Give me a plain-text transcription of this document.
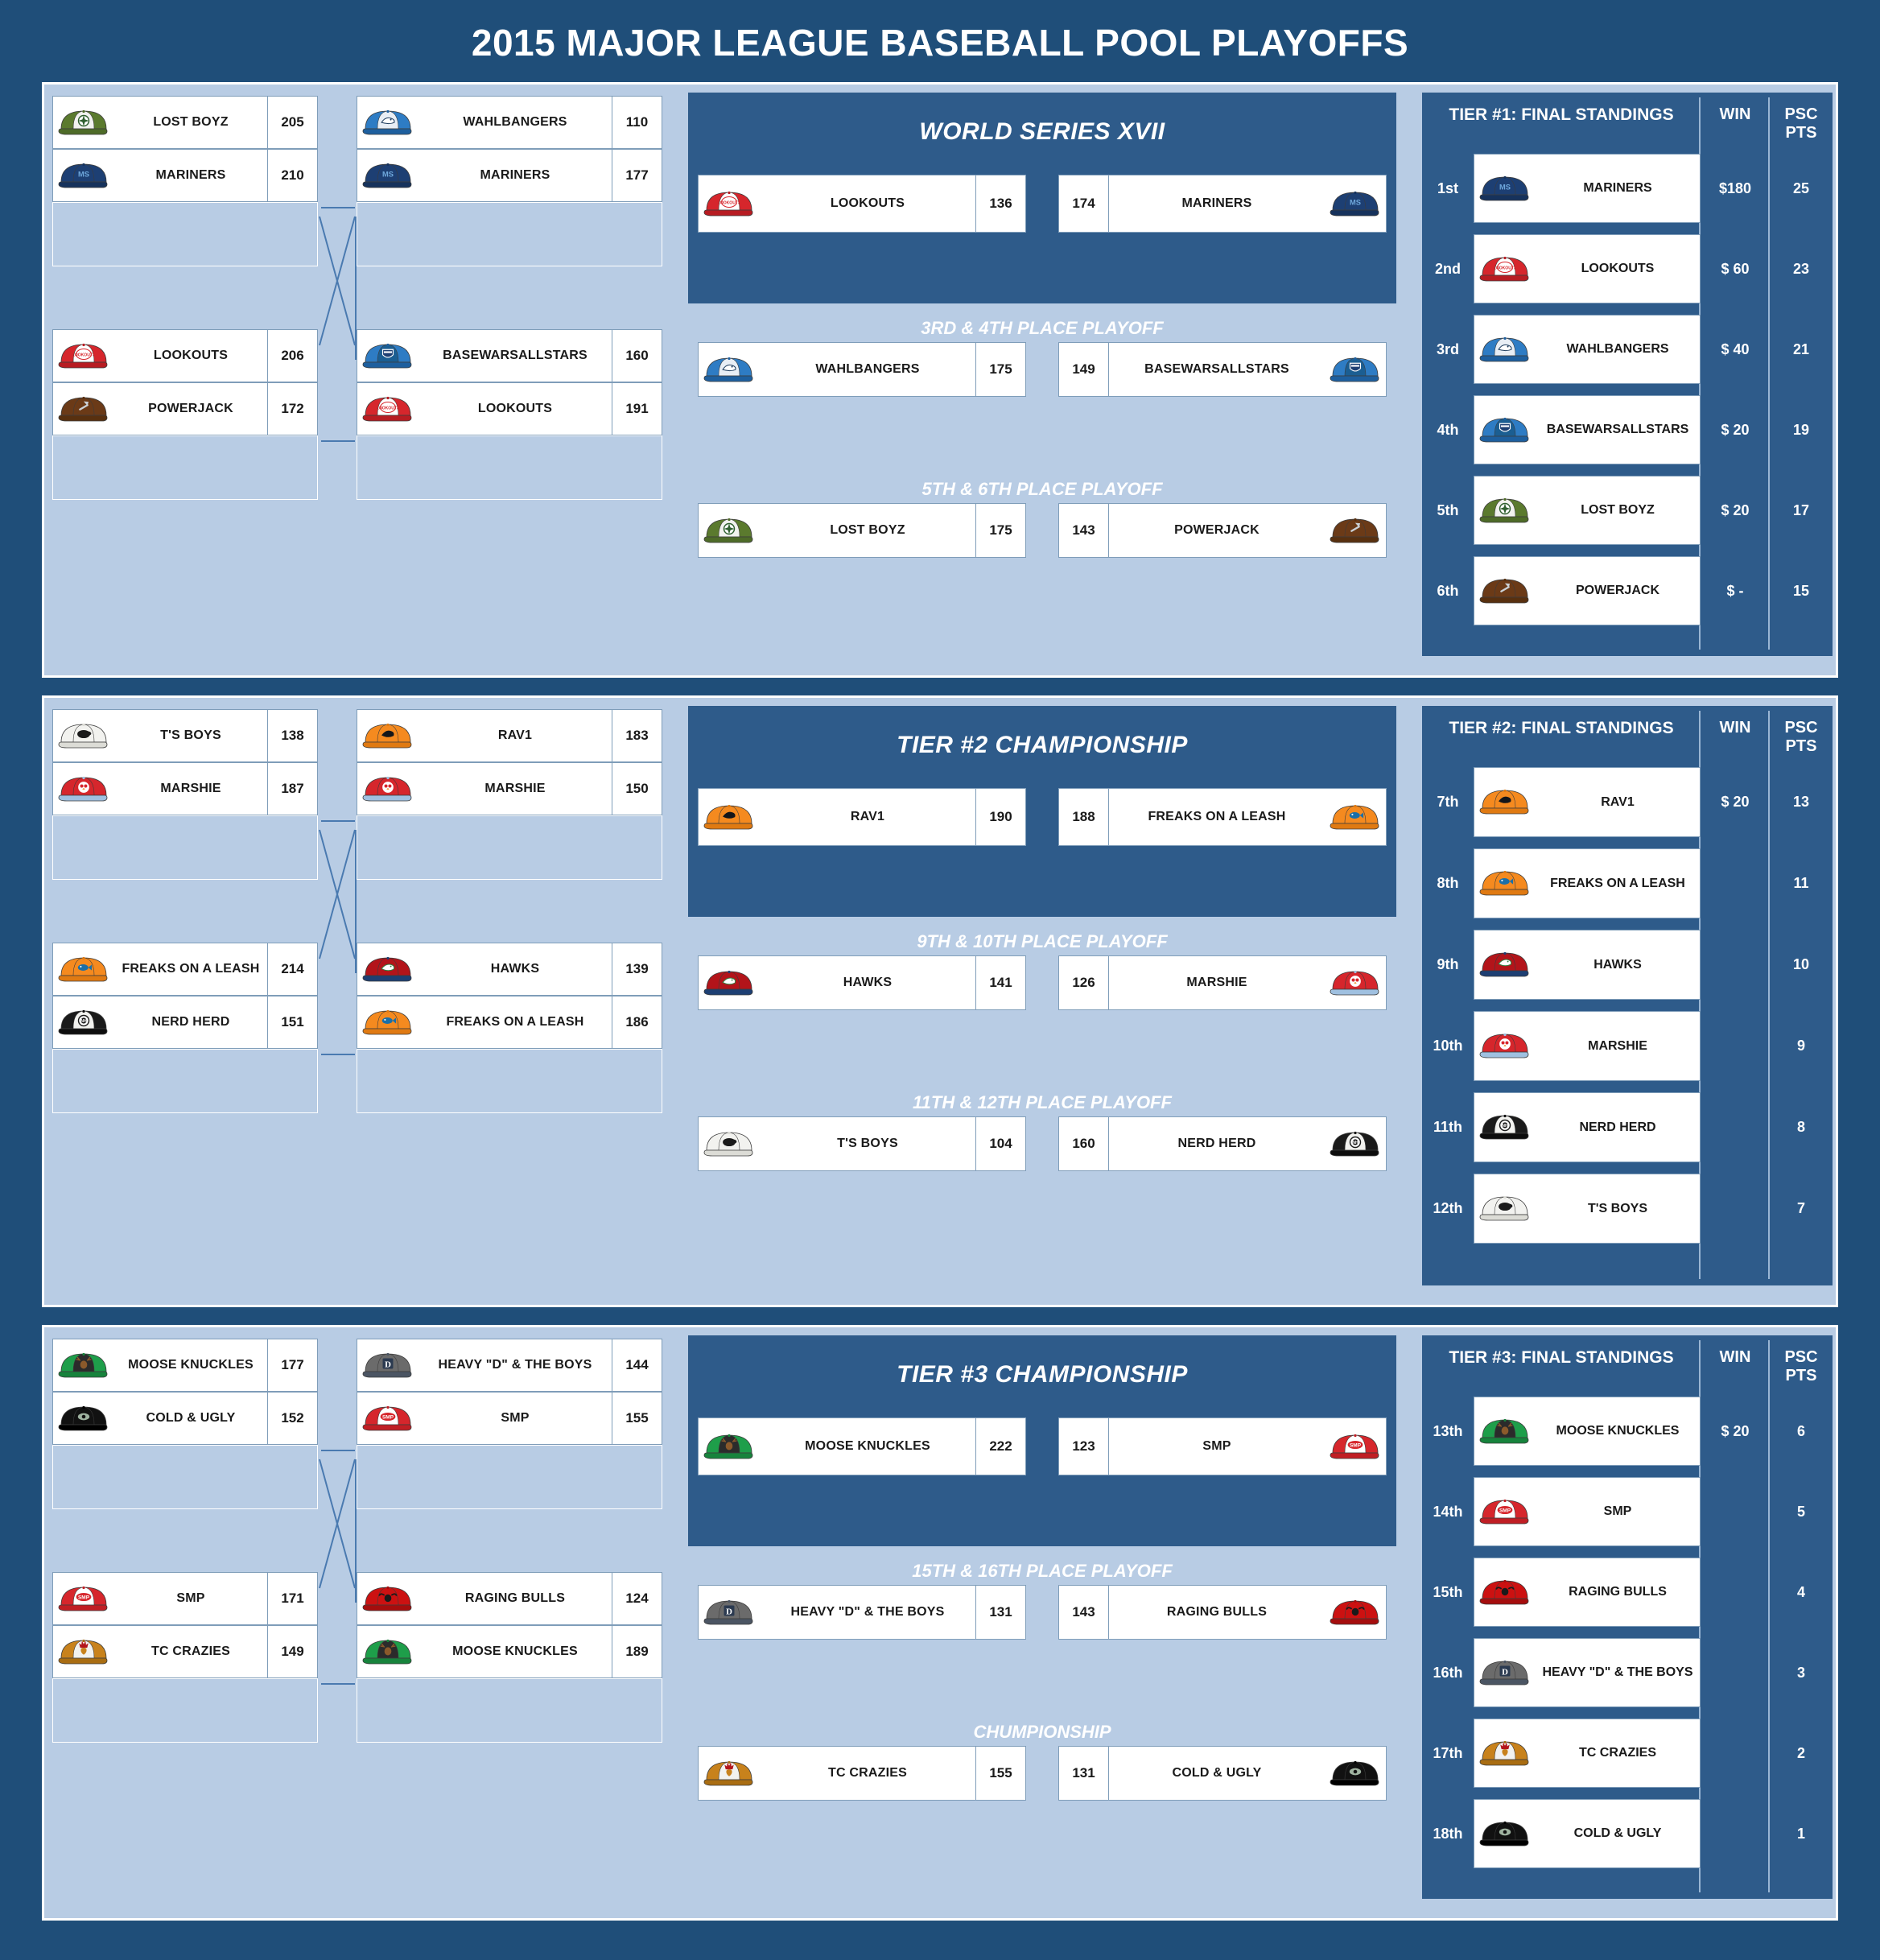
2015 MAJOR LEAGUE BASEBALL POOL PLAYOFFS
LOST BOYZ	205
MS	MARINERS	210
LOOKOUTS	LOOKOUTS	206
POWERJACK	172
WAHLBANGERS	110
MS	MARINERS	177
BASEWARSALLSTARS	160
LOOKOUTS	LOOKOUTS	191
WORLD SERIES XVII
LOOKOUTS	LOOKOUTS	136	174	MARINERS	MS
3RD & 4TH PLACE PLAYOFF
WAHLBANGERS	175	149	BASEWARSALLSTARS
5TH & 6TH PLACE PLAYOFF
LOST BOYZ	175	143	POWERJACK
TIER #1: FINAL STANDINGS	WIN	PSC
PTS
1st	MS	MARINERS	$180	25
2nd	LOOKOUTS	LOOKOUTS	$ 60	23
3rd	WAHLBANGERS	$ 40	21
4th	BASEWARSALLSTARS	$ 20	19
5th	LOST BOYZ	$ 20	17
6th	POWERJACK	$ -	15
T'S BOYS	138
MARSHIE	187
FREAKS ON A LEASH	214
NH	NERD HERD	151
RAV1	183
MARSHIE	150
HAWKS	139
FREAKS ON A LEASH	186
TIER #2 CHAMPIONSHIP
RAV1	190	188	FREAKS ON A LEASH
9TH & 10TH PLACE PLAYOFF
HAWKS	141	126	MARSHIE
11TH & 12TH PLACE PLAYOFF
T'S BOYS	104	160	NERD HERD	NH
TIER #2: FINAL STANDINGS	WIN	PSC
PTS
7th	RAV1	$ 20	13
8th	FREAKS ON A LEASH	11
9th	HAWKS	10
10th	MARSHIE	9
11th	NH	NERD HERD	8
12th	T'S BOYS	7
MOOSE KNUCKLES	177
COLD & UGLY	152
SMP	SMP	171
TC CRAZIES	149
D	HEAVY "D" & THE BOYS	144
SMP	SMP	155
RAGING BULLS	124
MOOSE KNUCKLES	189
TIER #3 CHAMPIONSHIP
MOOSE KNUCKLES	222	123	SMP	SMP
15TH & 16TH PLACE PLAYOFF
D	HEAVY "D" & THE BOYS	131	143	RAGING BULLS
CHUMPIONSHIP
TC CRAZIES	155	131	COLD & UGLY
TIER #3: FINAL STANDINGS	WIN	PSC
PTS
13th	MOOSE KNUCKLES	$ 20	6
14th	SMP	SMP	5
15th	RAGING BULLS	4
16th	D	HEAVY "D" & THE BOYS	3
17th	TC CRAZIES	2
18th	COLD & UGLY	1
